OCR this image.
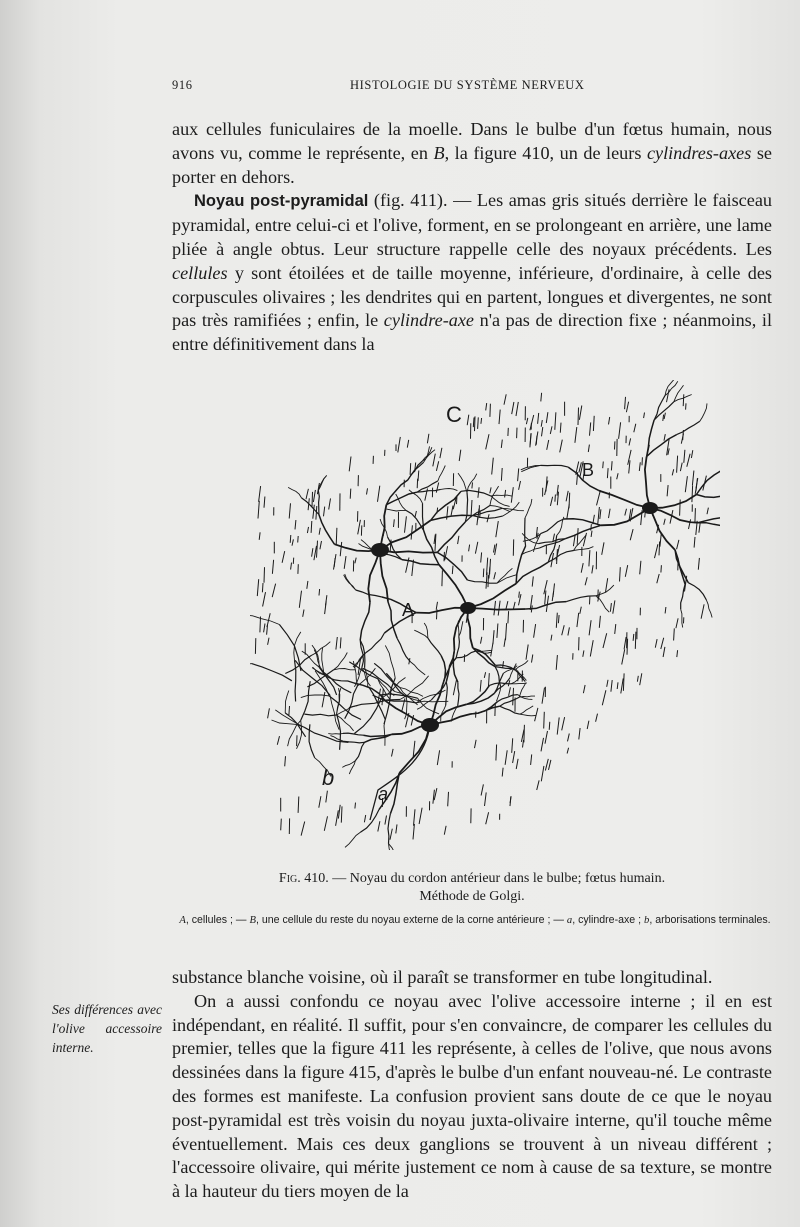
916	HISTOLOGIE DU SYSTÈME NERVEUX

aux cellules funiculaires de la moelle. Dans le bulbe d'un fœtus humain, nous avons vu, comme le représente, en B, la figure 410, un de leurs cylindres-axes se porter en dehors.

Noyau post-pyramidal (fig. 411). — Les amas gris situés derrière le faisceau pyramidal, entre celui-ci et l'olive, forment, en se prolongeant en arrière, une lame pliée à angle obtus. Leur structure rappelle celle des noyaux précédents. Les cellules y sont étoilées et de taille moyenne, inférieure, d'ordinaire, à celle des corpuscules olivaires ; les dendrites qui en partent, longues et divergentes, ne sont pas très ramifiées ; enfin, le cylindre-axe n'a pas de direction fixe ; néanmoins, il entre définitivement dans la

C
B
A
b
a
Fig. 410. — Noyau du cordon antérieur dans le bulbe; fœtus humain.
Méthode de Golgi.
A, cellules ; — B, une cellule du reste du noyau externe de la corne antérieure ; — a, cylindre-axe ; b, arborisations terminales.

substance blanche voisine, où il paraît se transformer en tube longitudinal.

On a aussi confondu ce noyau avec l'olive accessoire interne ; il en est indépendant, en réalité. Il suffit, pour s'en convaincre, de comparer les cellules du premier, telles que la figure 411 les représente, à celles de l'olive, que nous avons dessinées dans la figure 415, d'après le bulbe d'un enfant nouveau-né. Le contraste des formes est manifeste. La confusion provient sans doute de ce que le noyau post-pyramidal est très voisin du noyau juxta-olivaire interne, qu'il touche même éventuellement. Mais ces deux ganglions se trouvent à un niveau différent ; l'accessoire olivaire, qui mérite justement ce nom à cause de sa texture, se montre à la hauteur du tiers moyen de la

Ses différences avec l'olive accessoire interne.
